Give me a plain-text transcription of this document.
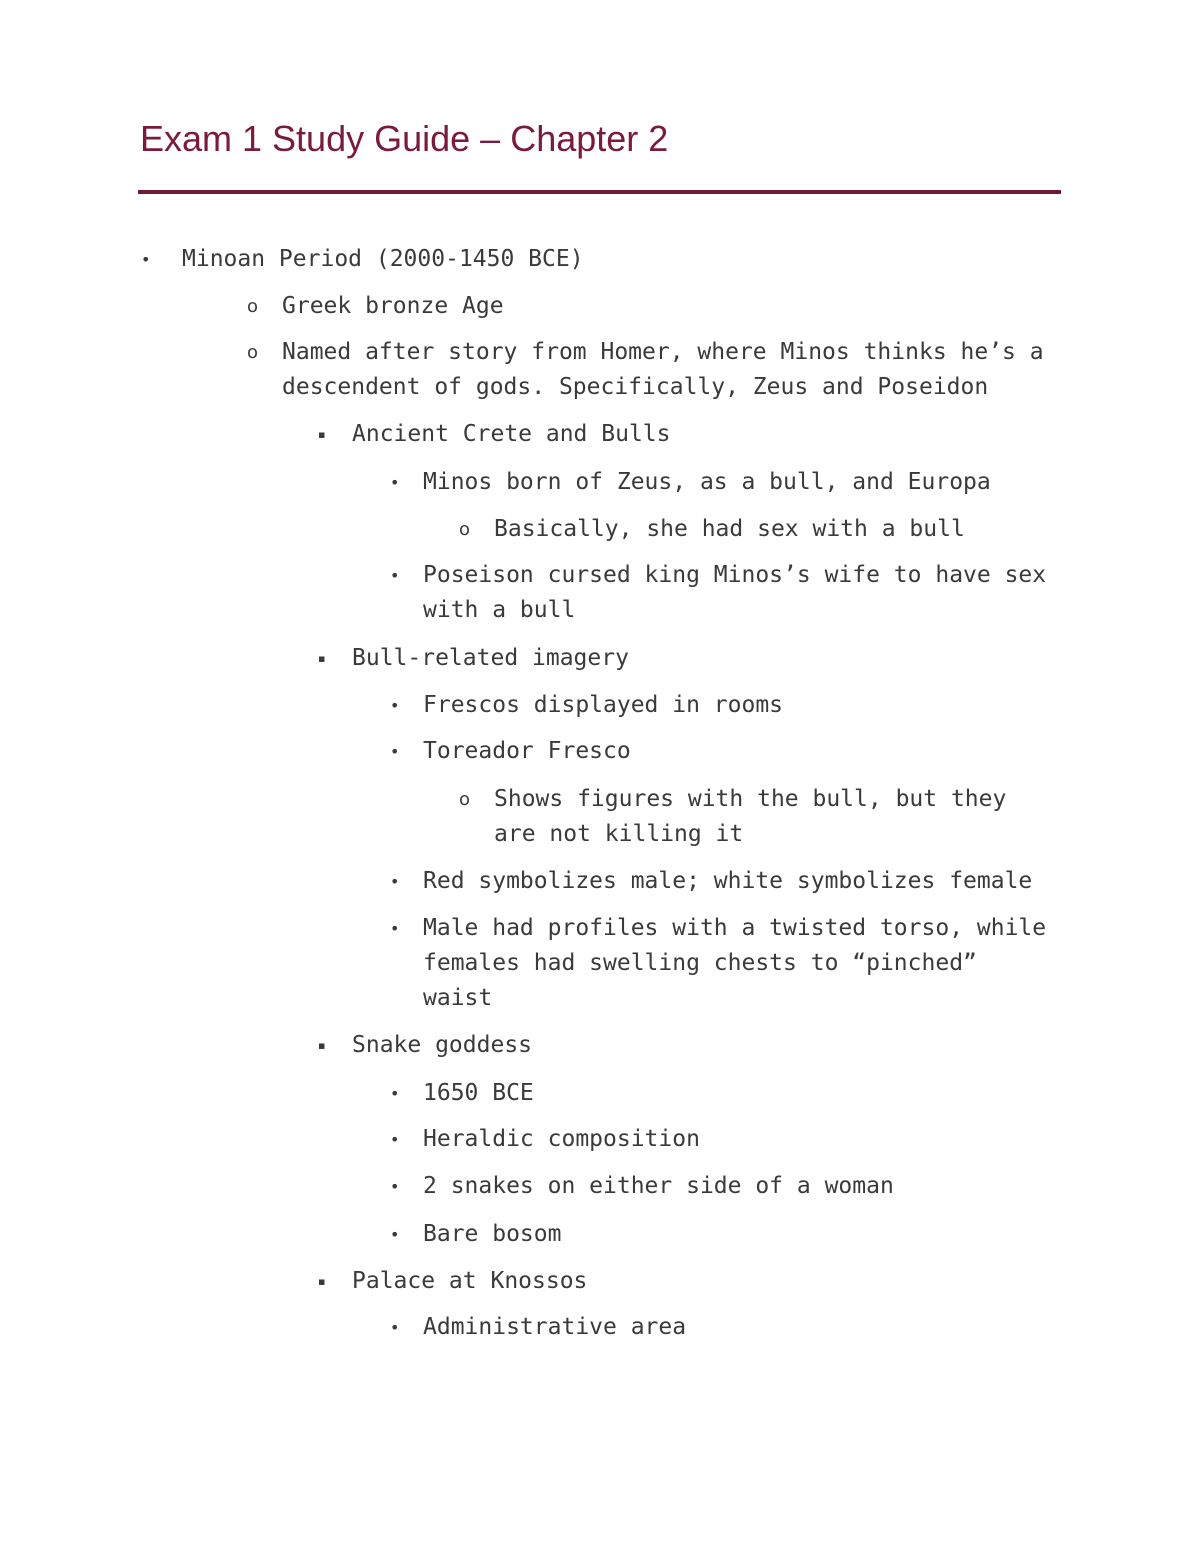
Exam 1 Study Guide – Chapter 2
• Minoan Period (2000-1450 BCE)
o Greek bronze Age
o Named after story from Homer, where Minos thinks he’s a
descendent of gods. Specifically, Zeus and Poseidon
▪ Ancient Crete and Bulls
• Minos born of Zeus, as a bull, and Europa
o Basically, she had sex with a bull
• Poseison cursed king Minos’s wife to have sex
with a bull
▪ Bull-related imagery
• Frescos displayed in rooms
• Toreador Fresco
o Shows figures with the bull, but they
are not killing it
• Red symbolizes male; white symbolizes female
• Male had profiles with a twisted torso, while
females had swelling chests to “pinched”
waist
▪ Snake goddess
• 1650 BCE
• Heraldic composition
• 2 snakes on either side of a woman
• Bare bosom
▪ Palace at Knossos
• Administrative area
